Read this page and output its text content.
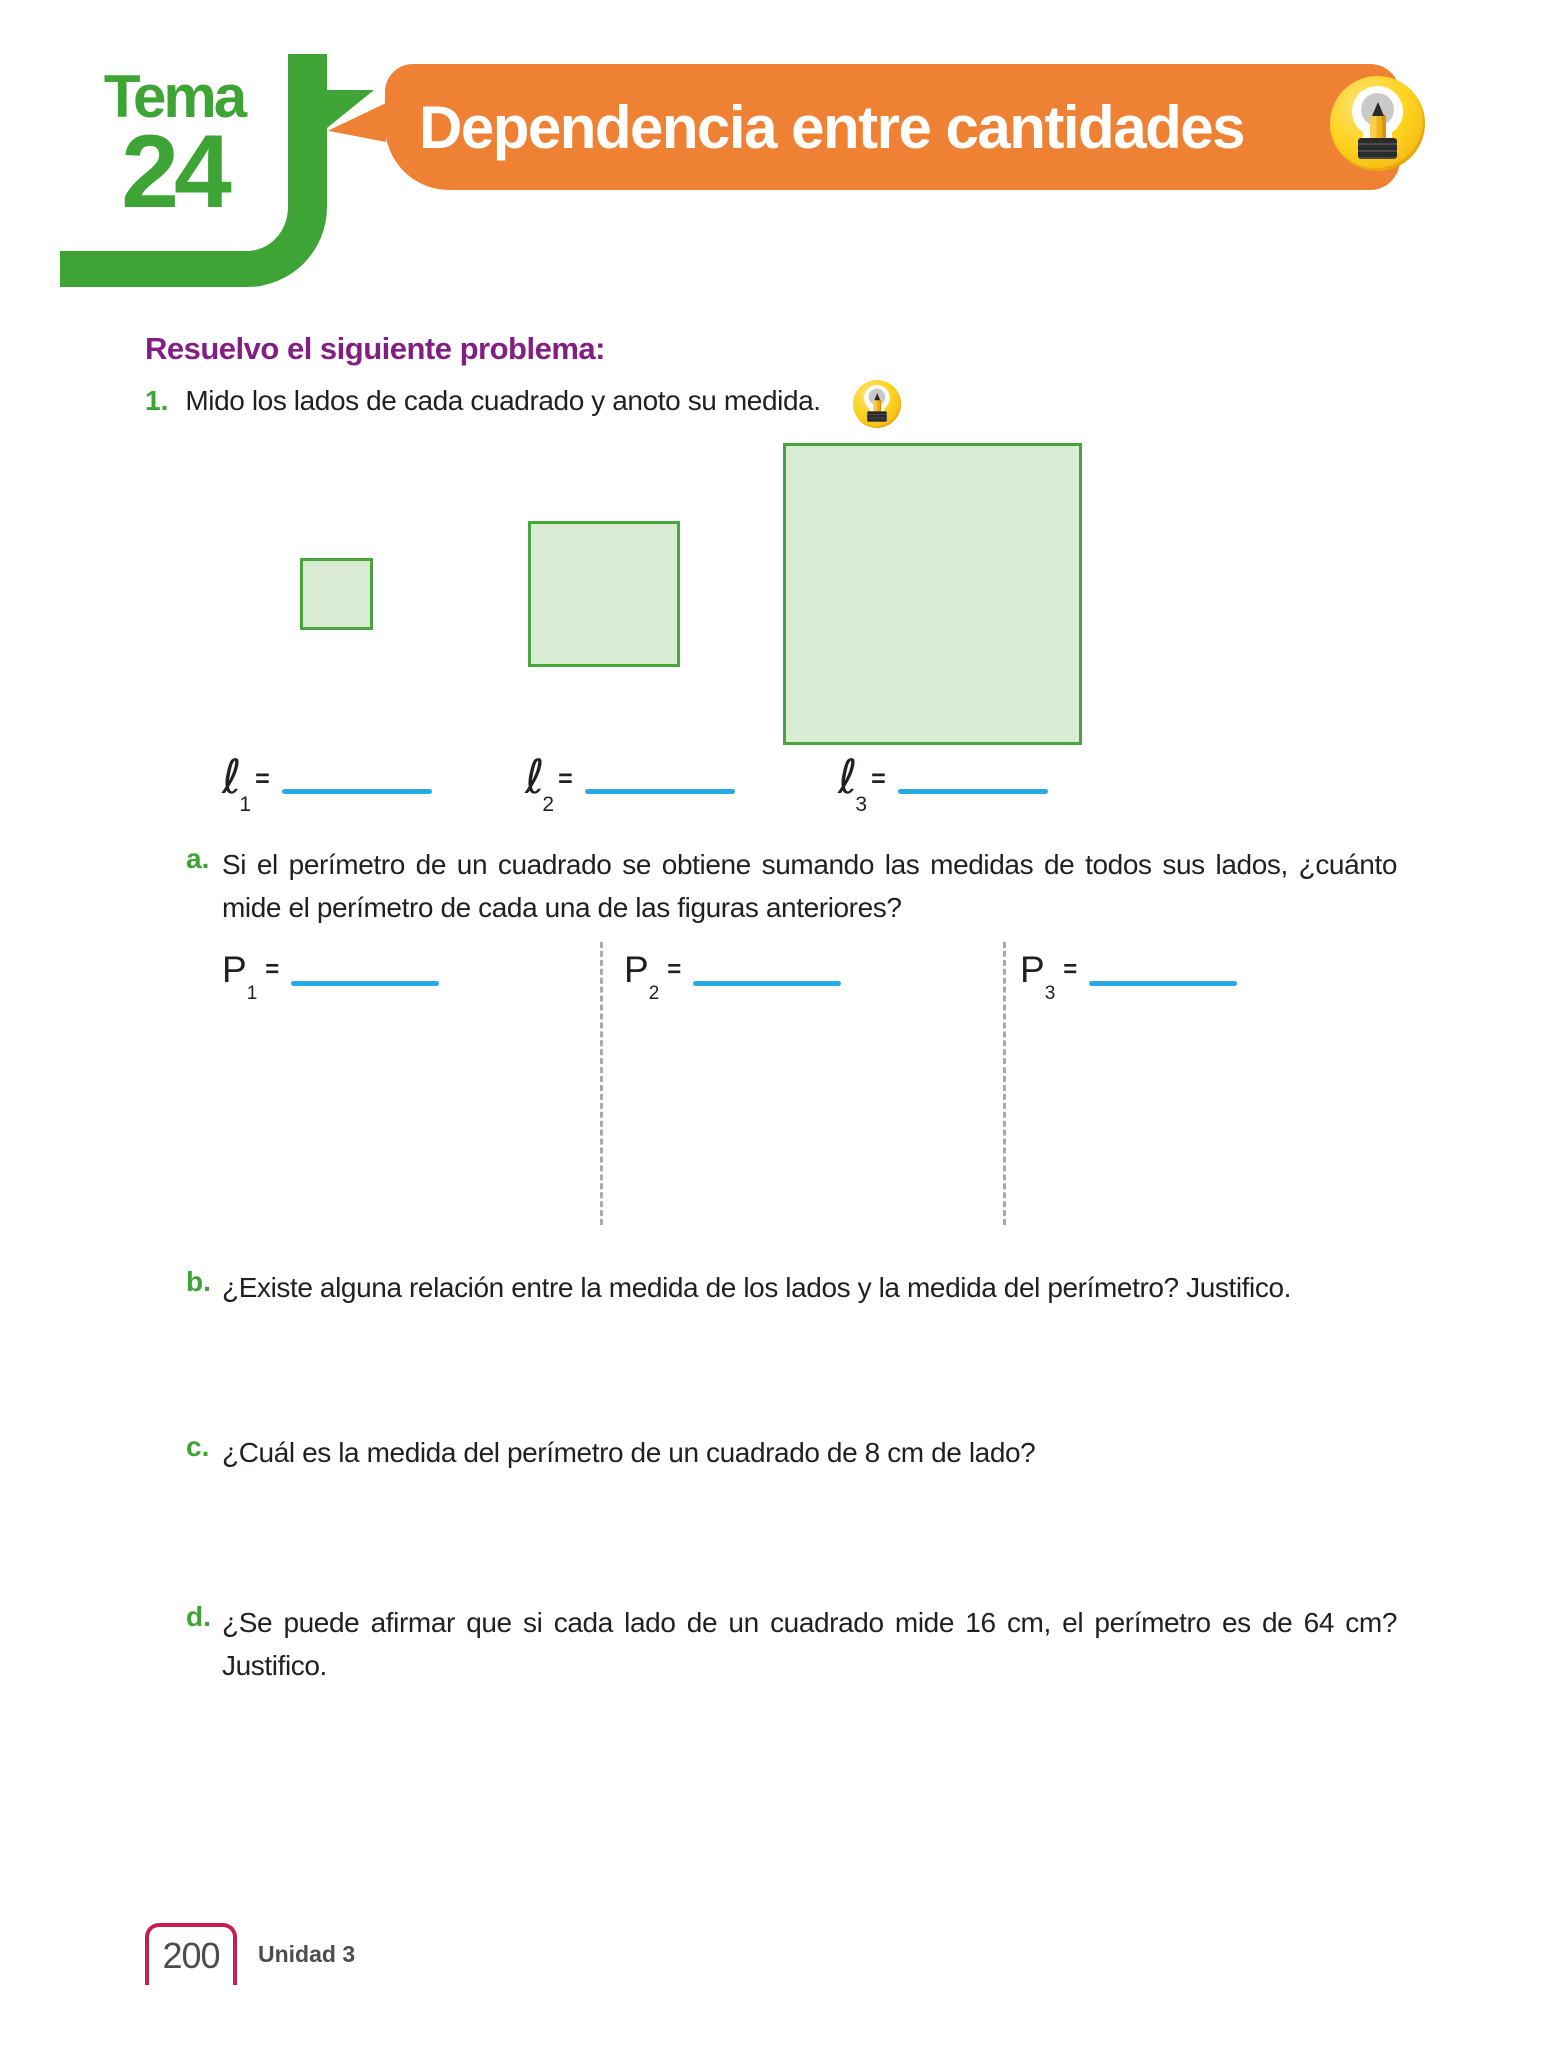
Tema
24	Dependencia entre cantidades
Resuelvo el siguiente problema:
1. Mido los lados de cada cuadrado y anoto su medida.
ℓ
1
=	ℓ
2
=	ℓ
3
=
a. Si el perímetro de un cuadrado se obtiene sumando las medidas de todos sus lados, ¿cuánto mide el perímetro de cada una de las figuras anteriores?
P
1
=	P
2
=	P
3
=
b. ¿Existe alguna relación entre la medida de los lados y la medida del perímetro? Justifico.
c. ¿Cuál es la medida del perímetro de un cuadrado de 8 cm de lado?
d. ¿Se puede afirmar que si cada lado de un cuadrado mide 16 cm, el perímetro es de 64 cm? Justifico.
200 Unidad 3
